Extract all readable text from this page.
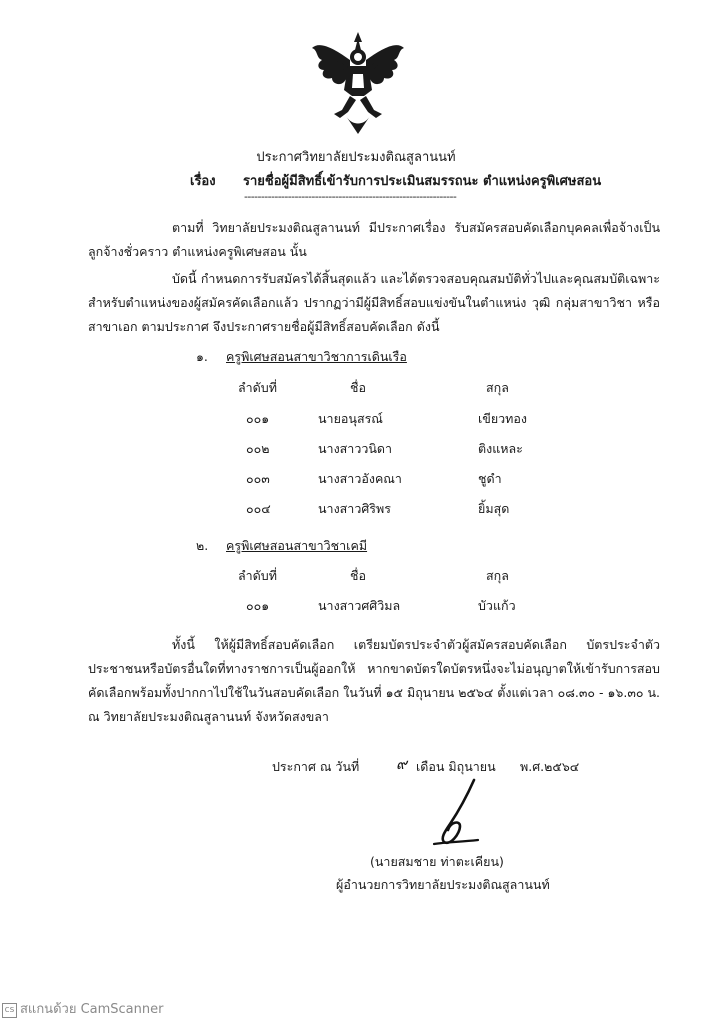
ประกาศวิทยาลัยประมงติณสูลานนท์
เรื่อง รายชื่อผู้มีสิทธิ์เข้ารับการประเมินสมรรถนะ ตำแหน่งครูพิเศษสอน
---------------------------------------------------------------
ตามที่ วิทยาลัยประมงติณสูลานนท์ มีประกาศเรื่อง รับสมัครสอบคัดเลือกบุคคลเพื่อจ้างเป็นลูกจ้างชั่วคราว ตำแหน่งครูพิเศษสอน นั้น
บัดนี้ กำหนดการรับสมัครได้สิ้นสุดแล้ว และได้ตรวจสอบคุณสมบัติทั่วไปและคุณสมบัติเฉพาะสำหรับตำแหน่งของผู้สมัครคัดเลือกแล้ว ปรากฏว่ามีผู้มีสิทธิ์สอบแข่งขันในตำแหน่ง วุฒิ กลุ่มสาขาวิชา หรือสาขาเอก ตามประกาศ จึงประกาศรายชื่อผู้มีสิทธิ์สอบคัดเลือก ดังนี้
๑. ครูพิเศษสอนสาขาวิชาการเดินเรือ
ลำดับที่	ชื่อ	สกุล
๐๐๑	นายอนุสรณ์	เขียวทอง
๐๐๒	นางสาววนิดา	ติงแหละ
๐๐๓	นางสาวอังคณา	ชูดำ
๐๐๔	นางสาวศิริพร	ยิ้มสุด
๒. ครูพิเศษสอนสาขาวิชาเคมี
ลำดับที่	ชื่อ	สกุล
๐๐๑	นางสาวศศิวิมล	บัวแก้ว
ทั้งนี้ ให้ผู้มีสิทธิ์สอบคัดเลือก เตรียมบัตรประจำตัวผู้สมัครสอบคัดเลือก บัตรประจำตัวประชาชนหรือบัตรอื่นใดที่ทางราชการเป็นผู้ออกให้ หากขาดบัตรใดบัตรหนึ่งจะไม่อนุญาตให้เข้ารับการสอบคัดเลือกพร้อมทั้งปากกาไปใช้ในวันสอบคัดเลือก ในวันที่ ๑๕ มิถุนายน ๒๕๖๔ ตั้งแต่เวลา ๐๘.๓๐ - ๑๖.๓๐ น. ณ วิทยาลัยประมงติณสูลานนท์ จังหวัดสงขลา
ประกาศ ณ วันที่ ๙ เดือน มิถุนายน พ.ศ.๒๕๖๔
(นายสมชาย ท่าตะเคียน)
ผู้อำนวยการวิทยาลัยประมงติณสูลานนท์
cs สแกนด้วย CamScanner
